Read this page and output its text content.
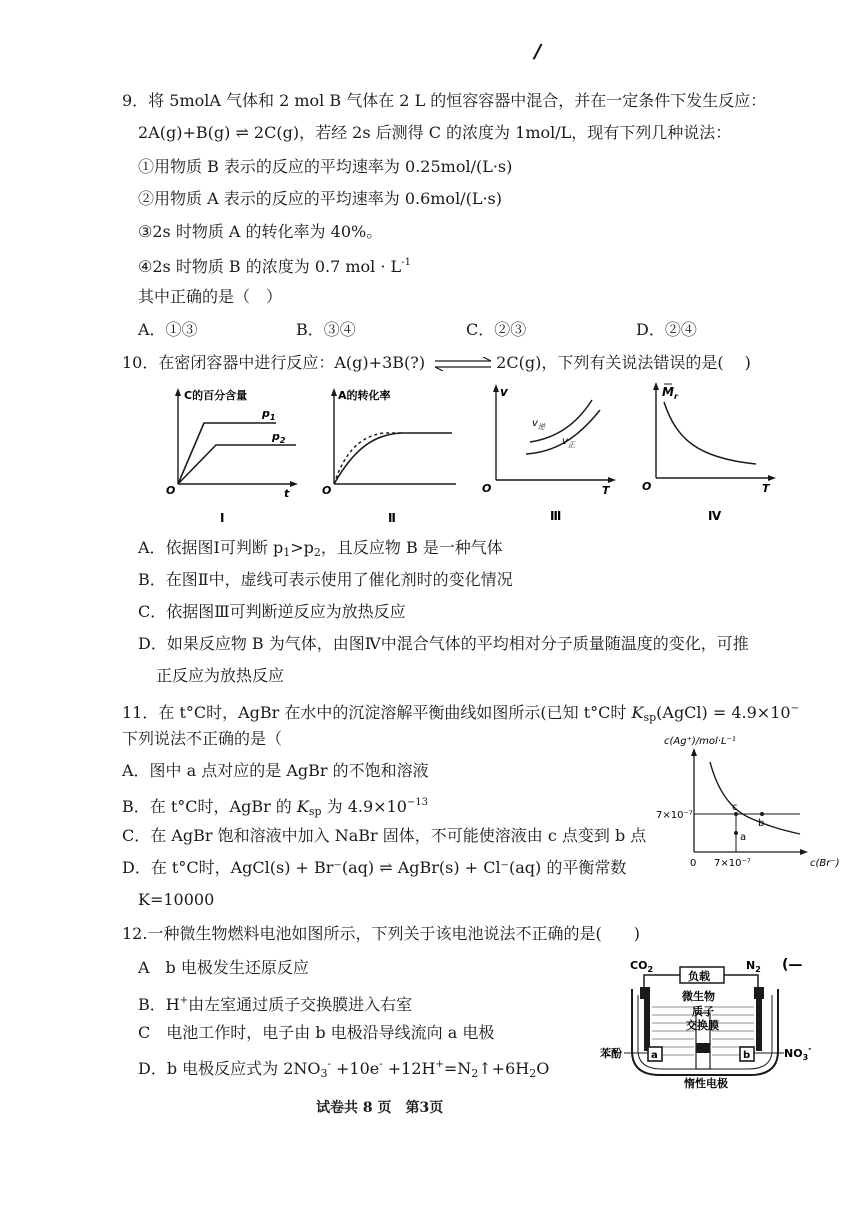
/
9．将 5molA 气体和 2 mol B 气体在 2 L 的恒容容器中混合，并在一定条件下发生反应：
2A(g)+B(g) ⇌ 2C(g)，若经 2s 后测得 C 的浓度为 1mol/L，现有下列几种说法：
①用物质 B 表示的反应的平均速率为 0.25mol/(L·s)
②用物质 A 表示的反应的平均速率为 0.6mol/(L·s)
③2s 时物质 A 的转化率为 40%。
④2s 时物质 B 的浓度为 0.7 mol · $L^{-1}$
其中正确的是（　）
A．①③	B．③④	C．②③	D．②④
10．在密闭容器中进行反应：A(g)+3B(?) ⇌ 2C(g)，下列有关说法错误的是(　 )
C的百分含量
$p_1$
$p_2$
O	t
Ⅰ
A的转化率
O
Ⅱ
v
$v_逆$
$v_正$
O	T
Ⅲ
$M_r$
O	T
Ⅳ
A．依据图Ⅰ可判断 $p_1>p_2$，且反应物 B 是一种气体
B．在图Ⅱ中，虚线可表示使用了催化剂时的变化情况
C．依据图Ⅲ可判断逆反应为放热反应
D．如果反应物 B 为气体，由图Ⅳ中混合气体的平均相对分子质量随温度的变化，可推
正反应为放热反应
11．在 t°C时，AgBr 在水中的沉淀溶解平衡曲线如图所示(已知 t°C时 $K_{sp}(AgCl) = 4.9\times 10^-$
下列说法不正确的是（
A．图中 a 点对应的是 AgBr 的不饱和溶液
B．在 t°C时，AgBr 的 $K_{sp}$ 为 $4.9\times 10^{-13}$
C．在 AgBr 饱和溶液中加入 NaBr 固体，不可能使溶液由 c 点变到 b 点
D．在 t°C时，AgCl(s) + Br⁻(aq) ⇌ AgBr(s) + Cl⁻(aq) 的平衡常数
K=10000
c(Ag⁺)/mol·L⁻¹
7×10⁻⁷
c
b
a
0 7×10⁻⁷	c(Br⁻)
12.一种微生物燃料电池如图所示，下列关于该电池说法不正确的是(　　)
A　b 电极发生还原反应
B．H+由左室通过质子交换膜进入右室
C　电池工作时，电子由 b 电极沿导线流向 a 电极
D．b 电极反应式为 $2NO_3^- +10e^-$ $+12H^+=N_2↑+6H_2O$
负载
$CO_2$	$N_2$ (—
微生物
质子
交换膜
a	b
苯酚	$NO_3^-$
惰性电极
试卷共 8 页　第3页
